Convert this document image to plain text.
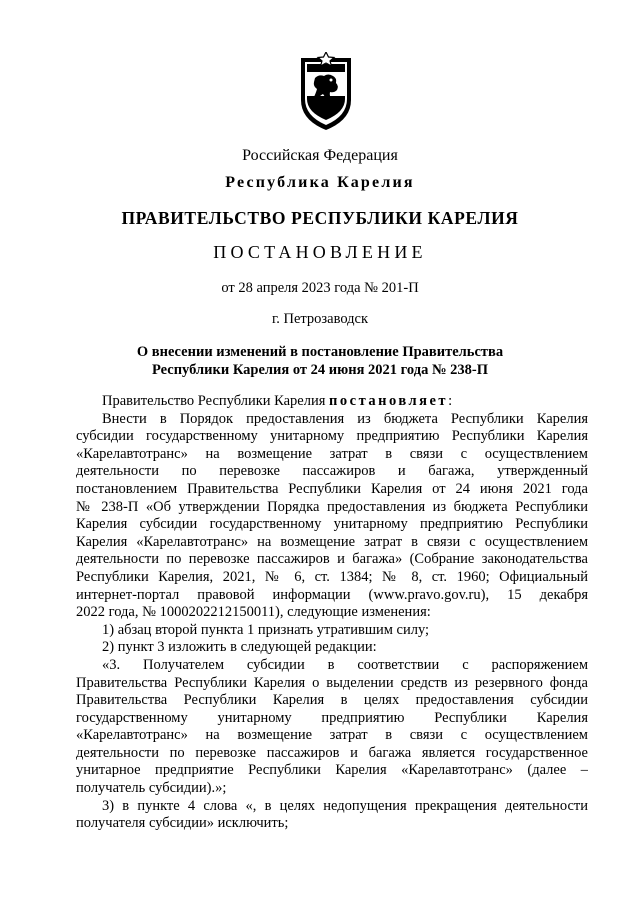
Российская Федерация
Республика Карелия
ПРАВИТЕЛЬСТВО РЕСПУБЛИКИ КАРЕЛИЯ
ПОСТАНОВЛЕНИЕ
от 28 апреля 2023 года № 201-П
г. Петрозаводск
О внесении изменений в постановление Правительства
Республики Карелия от 24 июня 2021 года № 238-П
Правительство Республики Карелия постановляет:
Внести в Порядок предоставления из бюджета Республики Карелия
субсидии государственному унитарному предприятию Республики Карелия
«Карелавтотранс» на возмещение затрат в связи с осуществлением
деятельности по перевозке пассажиров и багажа, утвержденный
постановлением Правительства Республики Карелия от 24 июня 2021 года
№ 238-П «Об утверждении Порядка предоставления из бюджета Республики
Карелия субсидии государственному унитарному предприятию Республики
Карелия «Карелавтотранс» на возмещение затрат в связи с осуществлением
деятельности по перевозке пассажиров и багажа» (Собрание законодательства
Республики Карелия, 2021, № 6, ст. 1384; № 8, ст. 1960; Официальный
интернет-портал правовой информации (www.pravo.gov.ru), 15 декабря
2022 года, № 1000202212150011), следующие изменения:
1) абзац второй пункта 1 признать утратившим силу;
2) пункт 3 изложить в следующей редакции:
«3. Получателем субсидии в соответствии с распоряжением
Правительства Республики Карелия о выделении средств из резервного фонда
Правительства Республики Карелия в целях предоставления субсидии
государственному унитарному предприятию Республики Карелия
«Карелавтотранс» на возмещение затрат в связи с осуществлением
деятельности по перевозке пассажиров и багажа является государственное
унитарное предприятие Республики Карелия «Карелавтотранс» (далее –
получатель субсидии).»;
3) в пункте 4 слова «, в целях недопущения прекращения деятельности
получателя субсидии» исключить;
